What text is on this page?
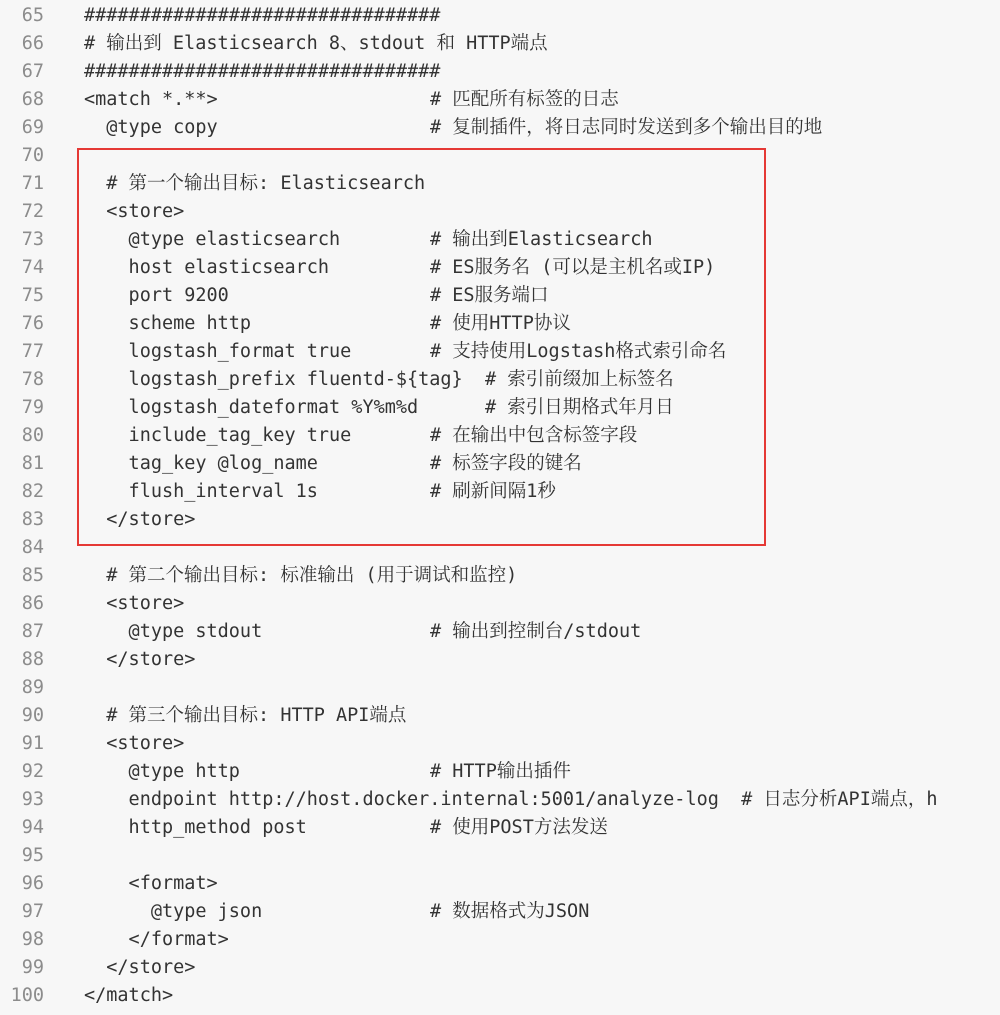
65 ################################
66 # 输出到 Elasticsearch 8、stdout 和 HTTP端点
67 ################################
68 <match *.**>	# 匹配所有标签的日志
69 @type copy	# 复制插件，将日志同时发送到多个输出目的地
70
71 # 第一个输出目标: Elasticsearch
72 <store>
73 @type elasticsearch	# 输出到Elasticsearch
74 host elasticsearch	# ES服务名 (可以是主机名或IP)
75 port 9200	# ES服务端口
76 scheme http	# 使用HTTP协议
77 logstash_format true	# 支持使用Logstash格式索引命名
78 logstash_prefix fluentd-${tag}  # 索引前缀加上标签名
79 logstash_dateformat %Y%m%d      # 索引日期格式年月日
80 include_tag_key true	# 在输出中包含标签字段
81 tag_key @log_name	# 标签字段的键名
82 flush_interval 1s	# 刷新间隔1秒
83 </store>
84
85 # 第二个输出目标: 标准输出 (用于调试和监控)
86 <store>
87 @type stdout	# 输出到控制台/stdout
88 </store>
89
90 # 第三个输出目标: HTTP API端点
91 <store>
92 @type http	# HTTP输出插件
93 endpoint http://host.docker.internal:5001/analyze-log  # 日志分析API端点，h
94 http_method post	# 使用POST方法发送
95
96 <format>
97 @type json	# 数据格式为JSON
98 </format>
99 </store>
100 </match>
